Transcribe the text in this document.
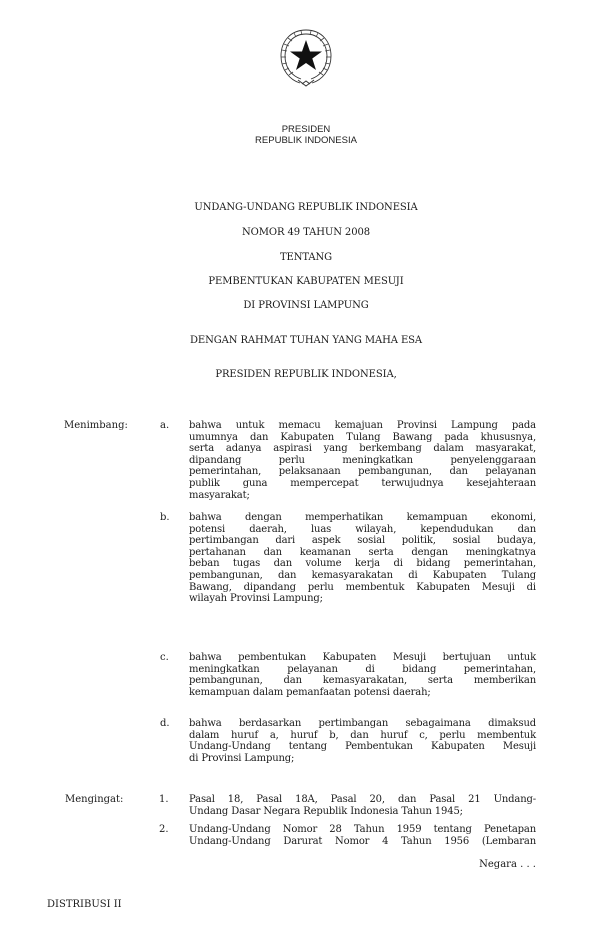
PRESIDEN
REPUBLIK INDONESIA
UNDANG-UNDANG REPUBLIK INDONESIA
NOMOR 49 TAHUN 2008
TENTANG
PEMBENTUKAN KABUPATEN MESUJI
DI PROVINSI LAMPUNG
DENGAN RAHMAT TUHAN YANG MAHA ESA
PRESIDEN REPUBLIK INDONESIA,
Menimbang:	a. bahwa untuk memacu kemajuan Provinsi Lampung pada
umumnya dan Kabupaten Tulang Bawang pada khususnya,
serta adanya aspirasi yang berkembang dalam masyarakat,
dipandang perlu meningkatkan penyelenggaraan
pemerintahan, pelaksanaan pembangunan, dan pelayanan
publik guna mempercepat terwujudnya kesejahteraan
masyarakat;
b. bahwa dengan memperhatikan kemampuan ekonomi,
potensi daerah, luas wilayah, kependudukan dan
pertimbangan dari aspek sosial politik, sosial budaya,
pertahanan dan keamanan serta dengan meningkatnya
beban tugas dan volume kerja di bidang pemerintahan,
pembangunan, dan kemasyarakatan di Kabupaten Tulang
Bawang, dipandang perlu membentuk Kabupaten Mesuji di
wilayah Provinsi Lampung;
c. bahwa pembentukan Kabupaten Mesuji bertujuan untuk
meningkatkan pelayanan di bidang pemerintahan,
pembangunan, dan kemasyarakatan, serta memberikan
kemampuan dalam pemanfaatan potensi daerah;
d. bahwa berdasarkan pertimbangan sebagaimana dimaksud
dalam huruf a, huruf b, dan huruf c, perlu membentuk
Undang-Undang tentang Pembentukan Kabupaten Mesuji
di Provinsi Lampung;
Mengingat:	1. Pasal 18, Pasal 18A, Pasal 20, dan Pasal 21 Undang-
Undang Dasar Negara Republik Indonesia Tahun 1945;
2. Undang-Undang Nomor 28 Tahun 1959 tentang Penetapan
Undang-Undang Darurat Nomor 4 Tahun 1956 (Lembaran
Negara . . .
DISTRIBUSI II
